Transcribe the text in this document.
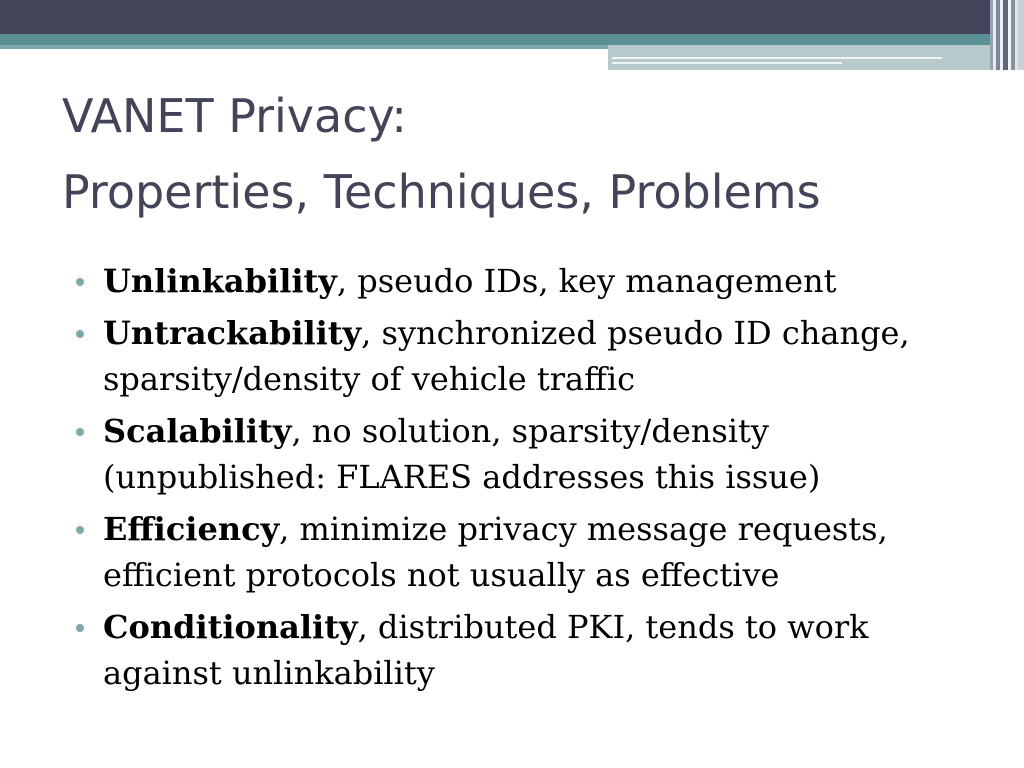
VANET Privacy:
Properties, Techniques, Problems
Unlinkability, pseudo IDs, key management
Untrackability, synchronized pseudo ID change, sparsity/density of vehicle traffic
Scalability, no solution, sparsity/density (unpublished: FLARES addresses this issue)
Efficiency, minimize privacy message requests, efficient protocols not usually as effective
Conditionality, distributed PKI, tends to work against unlinkability
